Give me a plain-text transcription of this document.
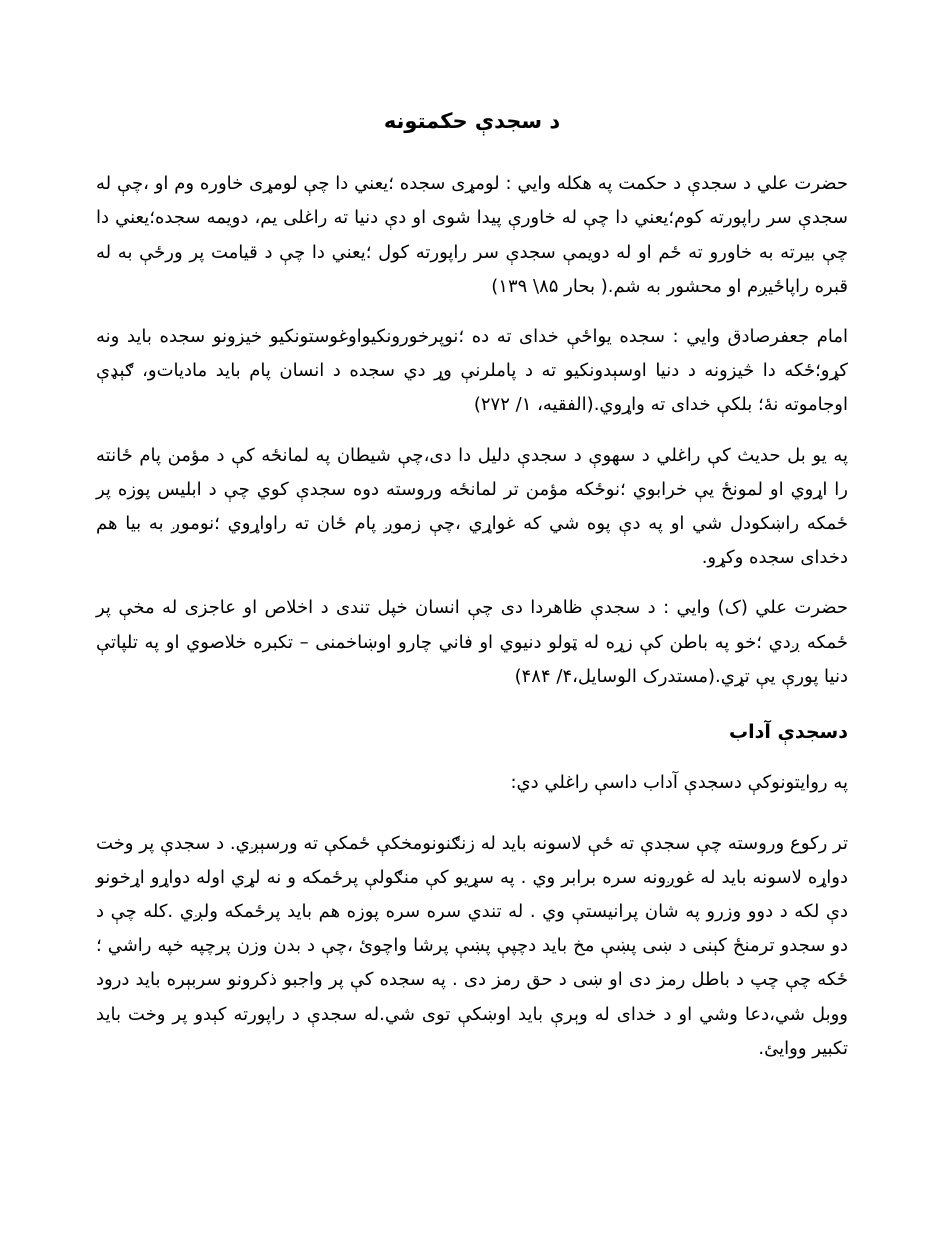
د سجدې حکمتونه

حضرت علي د سجدې د حکمت په هکله وايي : لومړی سجده ؛يعني دا چې لومړی خاوره وم او ،چې له سجدې سر راپورته کوم؛يعني دا چې له خاورې پيدا شوی او دې دنيا ته راغلی يم، دويمه سجده؛يعني دا چې بيرته به خاورو ته ځم او له دويمې سجدې سر راپورته کول ؛يعني دا چې د قيامت پر ورځې به له قبره راپاځيږم او محشور به شم.( بحار ۸۵\ ۱۳۹)

امام جعفرصادق وايي : سجده يواځې خدای ته ده ؛نوپرخورونکيواوغوستونکيو خيزونو سجده بايد ونه کړو؛ځکه دا څيزونه د دنيا اوسېدونکيو ته د پاملرنې وړ دي سجده د انسان پام بايد ماديات‌و، ګېډې اوجاموته نهٔ؛ بلکې خدای ته واړوي.(الفقيه، ۱/ ۲۷۲)

په يو بل حديث کې راغلي د سهوې د سجدې دليل دا دی،چې شيطان په لمانځه کې د مؤمن پام ځانته را اړوي او لمونځ يې خرابوي ؛نوځکه مؤمن تر لمانځه وروسته دوه سجدې کوي چې د ابليس پوزه پر ځمکه راښکودل شي او په دې پوه شي که غواړي ،چې زموږ پام ځان ته راواړوي ؛نوموږ به بيا هم دخدای سجده وکړو.

حضرت علي (ک) وايي : د سجدې ظاهردا دی چې انسان خپل تندی د اخلاص او عاجزی له مخې پر ځمکه ږدي ؛خو په باطن کې زړه له ټولو دنيوي او فاني چارو اوښاخمنی – تکبره خلاصوي او په تلپاتې دنيا پورې يې تړي.(مستدرک الوسايل،۴/ ۴۸۴)

دسجدې آداب

په روايتونوکې دسجدې آداب داسې راغلي دي:

تر رکوع وروسته چې سجدې ته ځې لاسونه بايد له زنګنونومخکې ځمکې ته ورسېږي. د سجدې پر وخت دواړه لاسونه بايد له غوږونه سره برابر وي . په سړيو کې منګولې پرځمکه و نه لړي اوله دواړو اړخونو دې لکه د دوو وزرو په شان پرانيستې وي . له تندي سره سره پوزه هم بايد پرځمکه ولږي .کله چې د دو سجدو ترمنځ کېنی د ښی پښې مخ بايد دچپې پښې پرشا واچوئ ،چې د بدن وزن پرچپه خپه راشي ؛ځکه چې چپ د باطل رمز دی او ښی د حق رمز دی . په سجده کې پر واجبو ذکرونو سربېره بايد درود ووبل شي،دعا وشي او د خدای له وېرې بايد اوښکې توی شي.له سجدې د راپورته کېدو پر وخت بايد تکبير ووايئ.
